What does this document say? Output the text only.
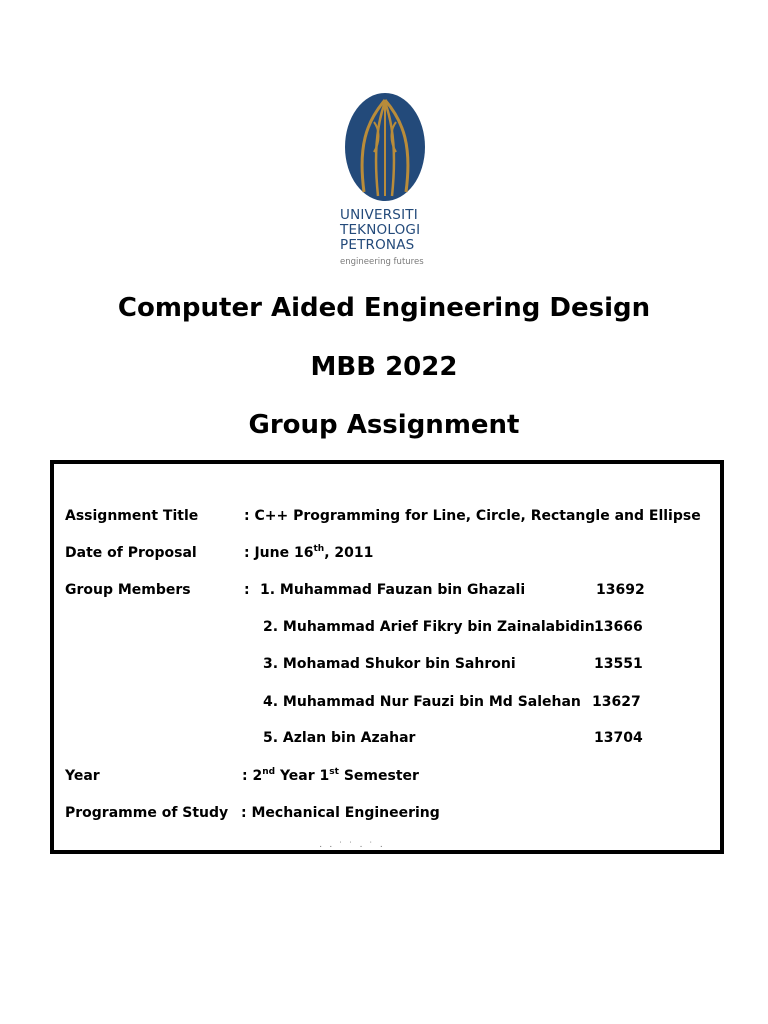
UNIVERSITI
TEKNOLOGI
PETRONAS
engineering futures
Computer Aided Engineering Design
MBB 2022
Group Assignment
Assignment Title	: C++ Programming for Line, Circle, Rectangle and Ellipse
Date of Proposal	: June 16th, 2011
Group Members	: 1. Muhammad Fauzan bin Ghazali	13692
2. Muhammad Arief Fikry bin Zainalabidin 13666
3. Mohamad Shukor bin Sahroni	13551
4. Muhammad Nur Fauzi bin Md Salehan 13627
5. Azlan bin Azahar	13704
Year	: 2nd Year 1st Semester
Programme of Study : Mechanical Engineering
· · ˙ ˙ · ˙ ·
